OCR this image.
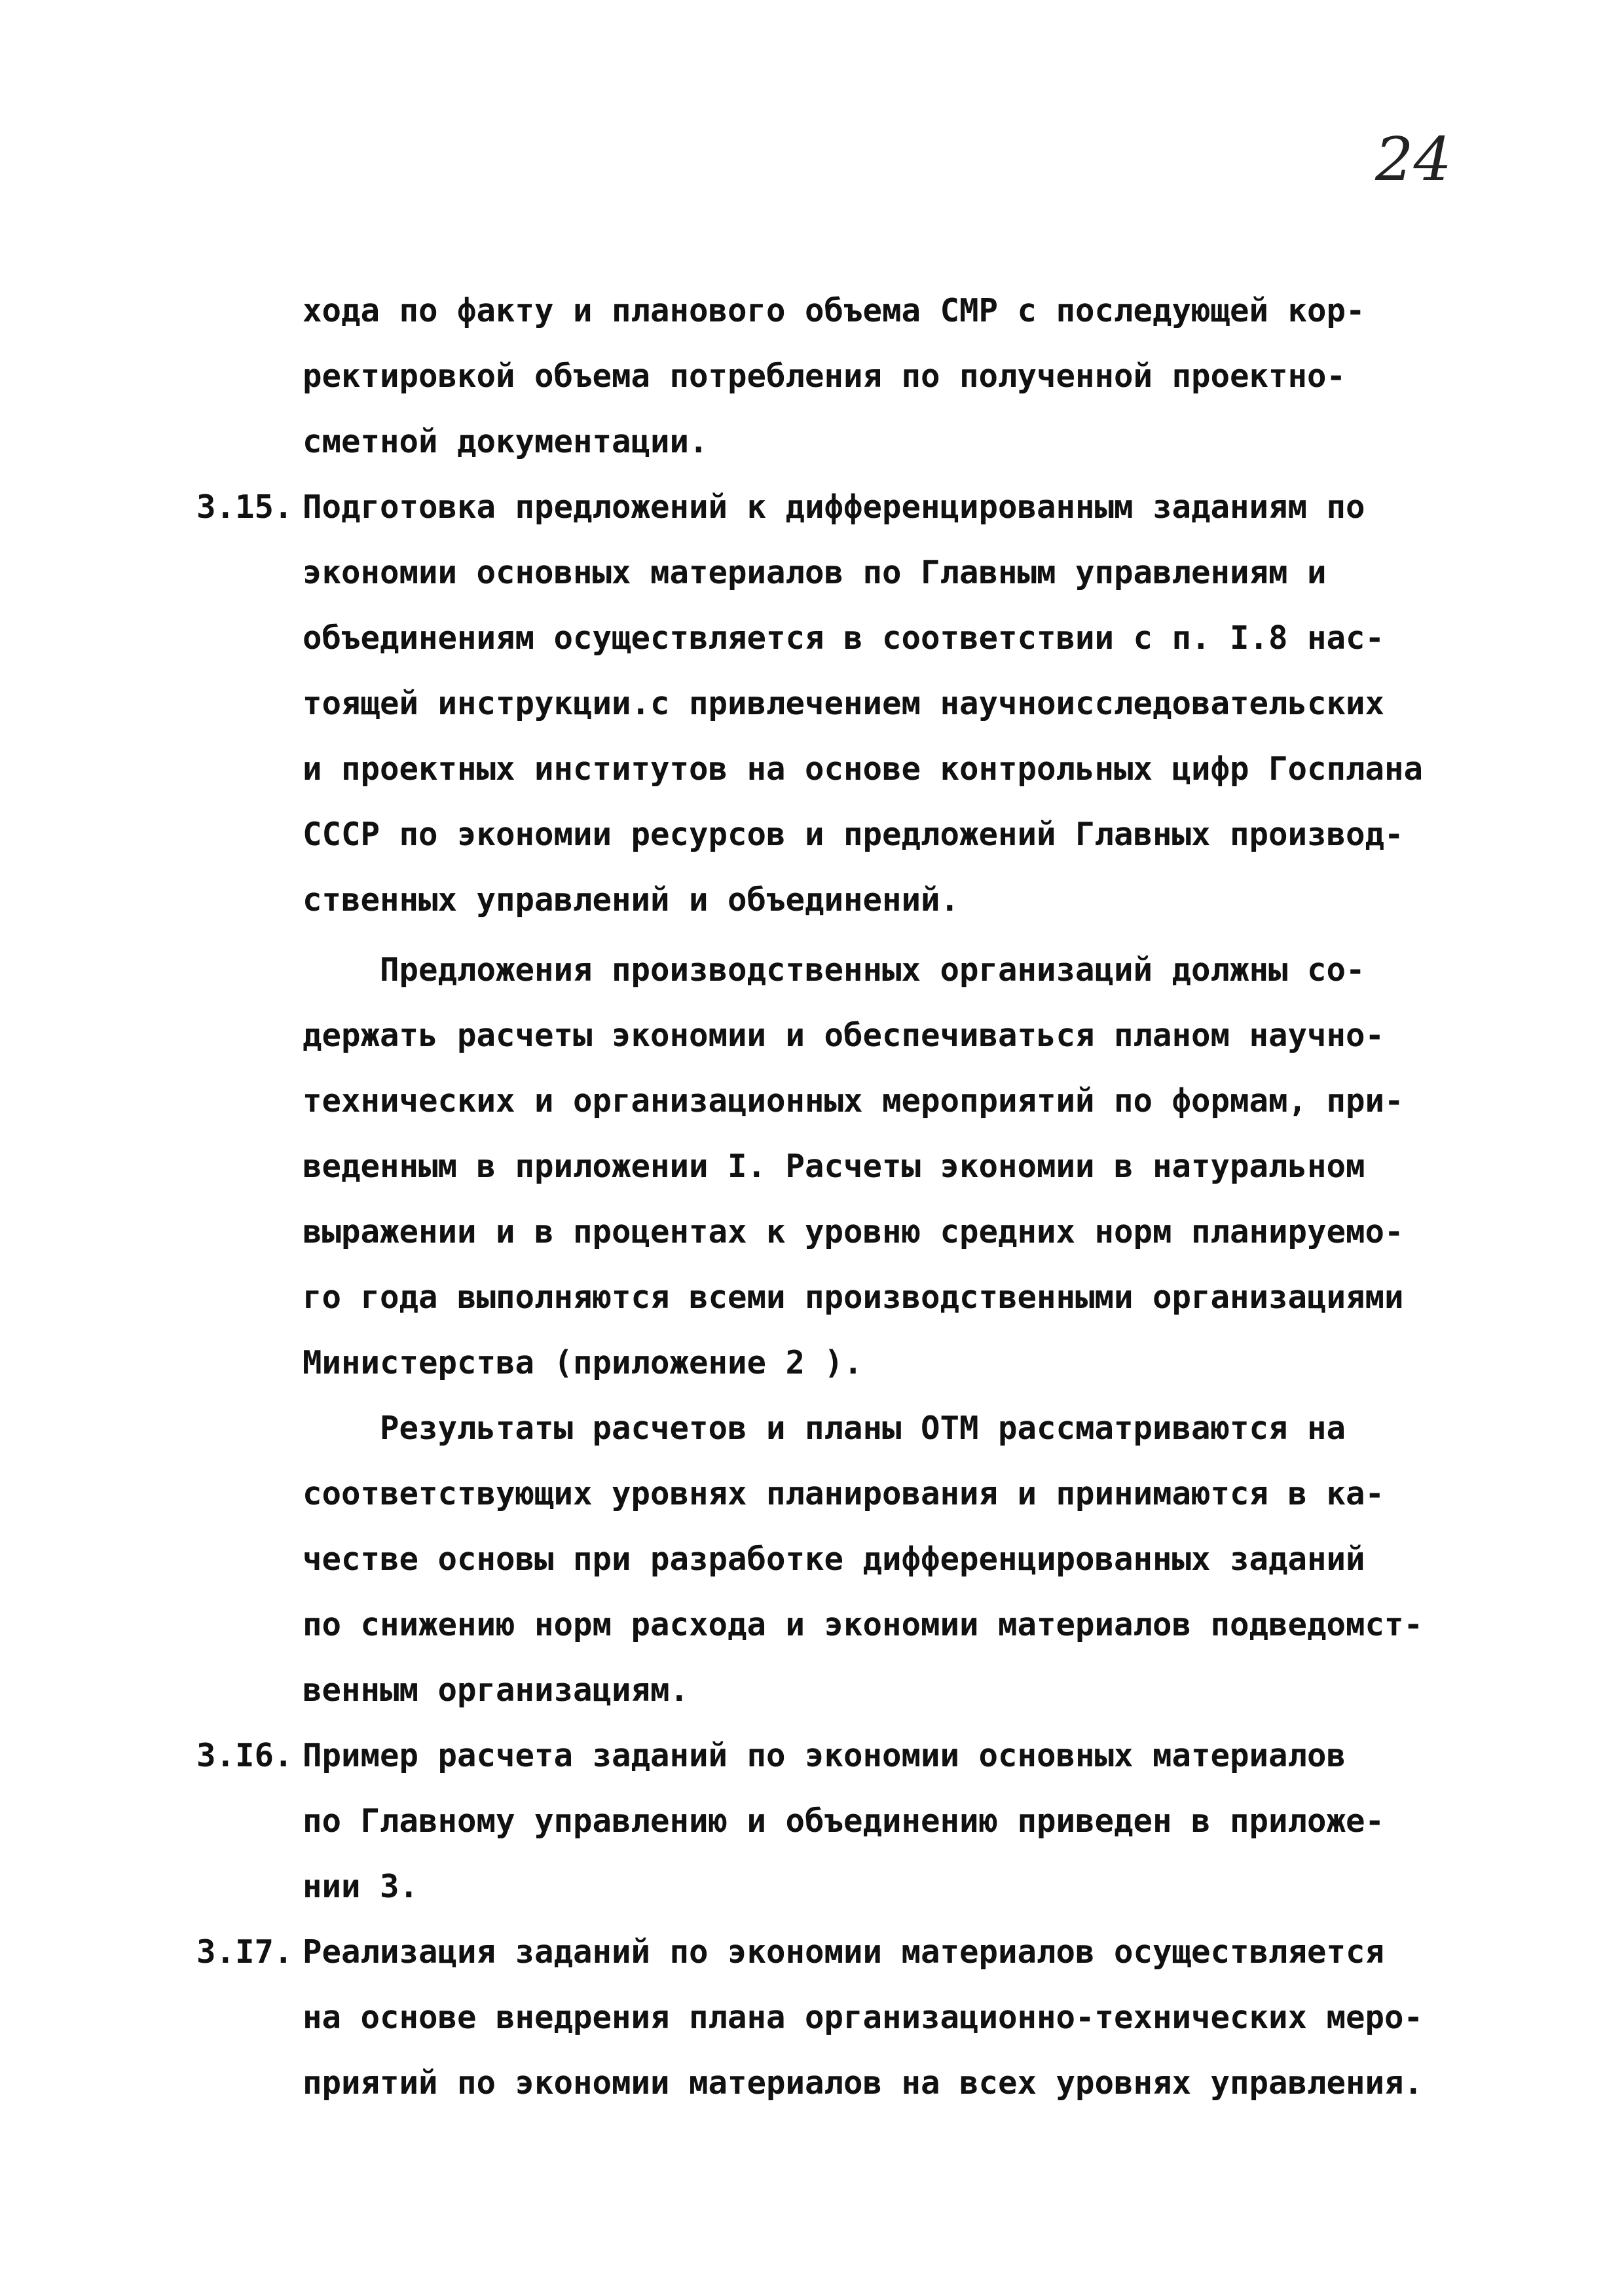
24
хода по факту и планового объема СМР с последующей кор-
ректировкой объема потребления по полученной проектно-
сметной документации.
3.15. Подготовка предложений к дифференцированным заданиям по
экономии основных материалов по Главным управлениям и
объединениям осуществляется в соответствии с п. I.8 нас-
тоящей инструкции.с привлечением научноисследовательских
и проектных институтов на основе контрольных цифр Госплана
СССР по экономии ресурсов и предложений Главных производ-
ственных управлений и объединений.
Предложения производственных организаций должны со-
держать расчеты экономии и обеспечиваться планом научно-
технических и организационных мероприятий по формам, при-
веденным в приложении I. Расчеты экономии в натуральном
выражении и в процентах к уровню средних норм планируемо-
го года выполняются всеми производственными организациями
Министерства (приложение 2 ).
Результаты расчетов и планы ОТМ рассматриваются на
соответствующих уровнях планирования и принимаются в ка-
честве основы при разработке дифференцированных заданий
по снижению норм расхода и экономии материалов подведомст-
венным организациям.
3.I6. Пример расчета заданий по экономии основных материалов
по Главному управлению и объединению приведен в приложе-
нии 3.
3.I7. Реализация заданий по экономии материалов осуществляется
на основе внедрения плана организационно-технических меро-
приятий по экономии материалов на всех уровнях управления.
